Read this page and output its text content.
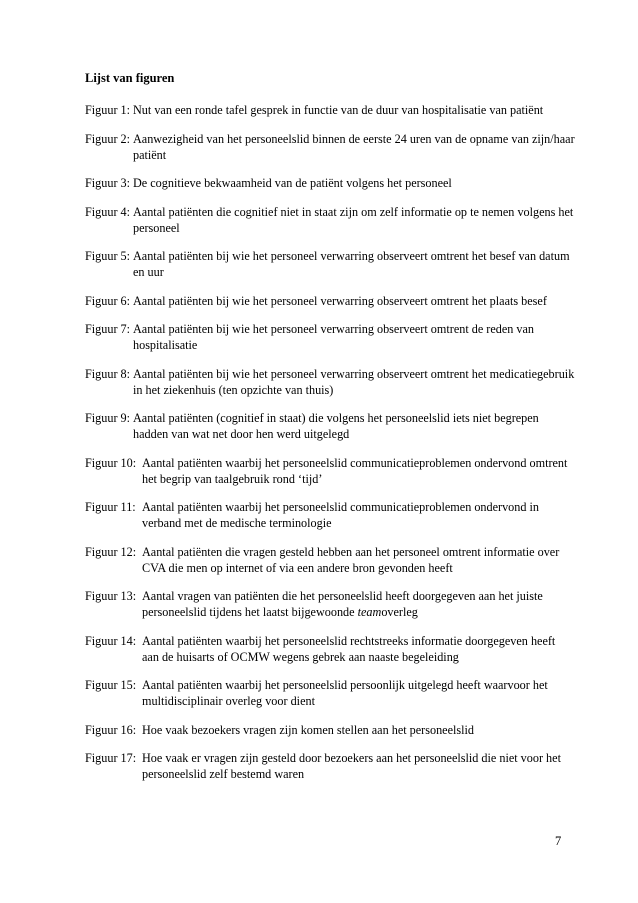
Lijst van figuren
Figuur 1: Nut van een ronde tafel gesprek in functie van de duur van hospitalisatie van patiënt
Figuur 2: Aanwezigheid van het personeelslid binnen de eerste 24 uren van de opname van zijn/haar patiënt
Figuur 3: De cognitieve bekwaamheid van de patiënt volgens het personeel
Figuur 4: Aantal patiënten die cognitief niet in staat zijn om zelf informatie op te nemen volgens het personeel
Figuur 5: Aantal patiënten bij wie het personeel verwarring observeert omtrent het besef van datum en uur
Figuur 6: Aantal patiënten bij wie het personeel verwarring observeert omtrent het plaats besef
Figuur 7: Aantal patiënten bij wie het personeel verwarring observeert omtrent de reden van hospitalisatie
Figuur 8: Aantal patiënten bij wie het personeel verwarring observeert omtrent het medicatiegebruik in het ziekenhuis (ten opzichte van thuis)
Figuur 9: Aantal patiënten (cognitief in staat) die volgens het personeelslid iets niet begrepen hadden van wat net door hen werd uitgelegd
Figuur 10: Aantal patiënten waarbij het personeelslid communicatieproblemen ondervond omtrent het begrip van taalgebruik rond ‘tijd’
Figuur 11: Aantal patiënten waarbij het personeelslid communicatieproblemen ondervond in verband met de medische terminologie
Figuur 12: Aantal patiënten die vragen gesteld hebben aan het personeel omtrent informatie over CVA die men op internet of via een andere bron gevonden heeft
Figuur 13: Aantal vragen van patiënten die het personeelslid heeft doorgegeven aan het juiste personeelslid tijdens het laatst bijgewoonde teamoverleg
Figuur 14: Aantal patiënten waarbij het personeelslid rechtstreeks informatie doorgegeven heeft aan de huisarts of OCMW wegens gebrek aan naaste begeleiding
Figuur 15: Aantal patiënten waarbij het personeelslid persoonlijk uitgelegd heeft waarvoor het multidisciplinair overleg voor dient
Figuur 16: Hoe vaak bezoekers vragen zijn komen stellen aan het personeelslid
Figuur 17: Hoe vaak er vragen zijn gesteld door bezoekers aan het personeelslid die niet voor het personeelslid zelf bestemd waren
7
